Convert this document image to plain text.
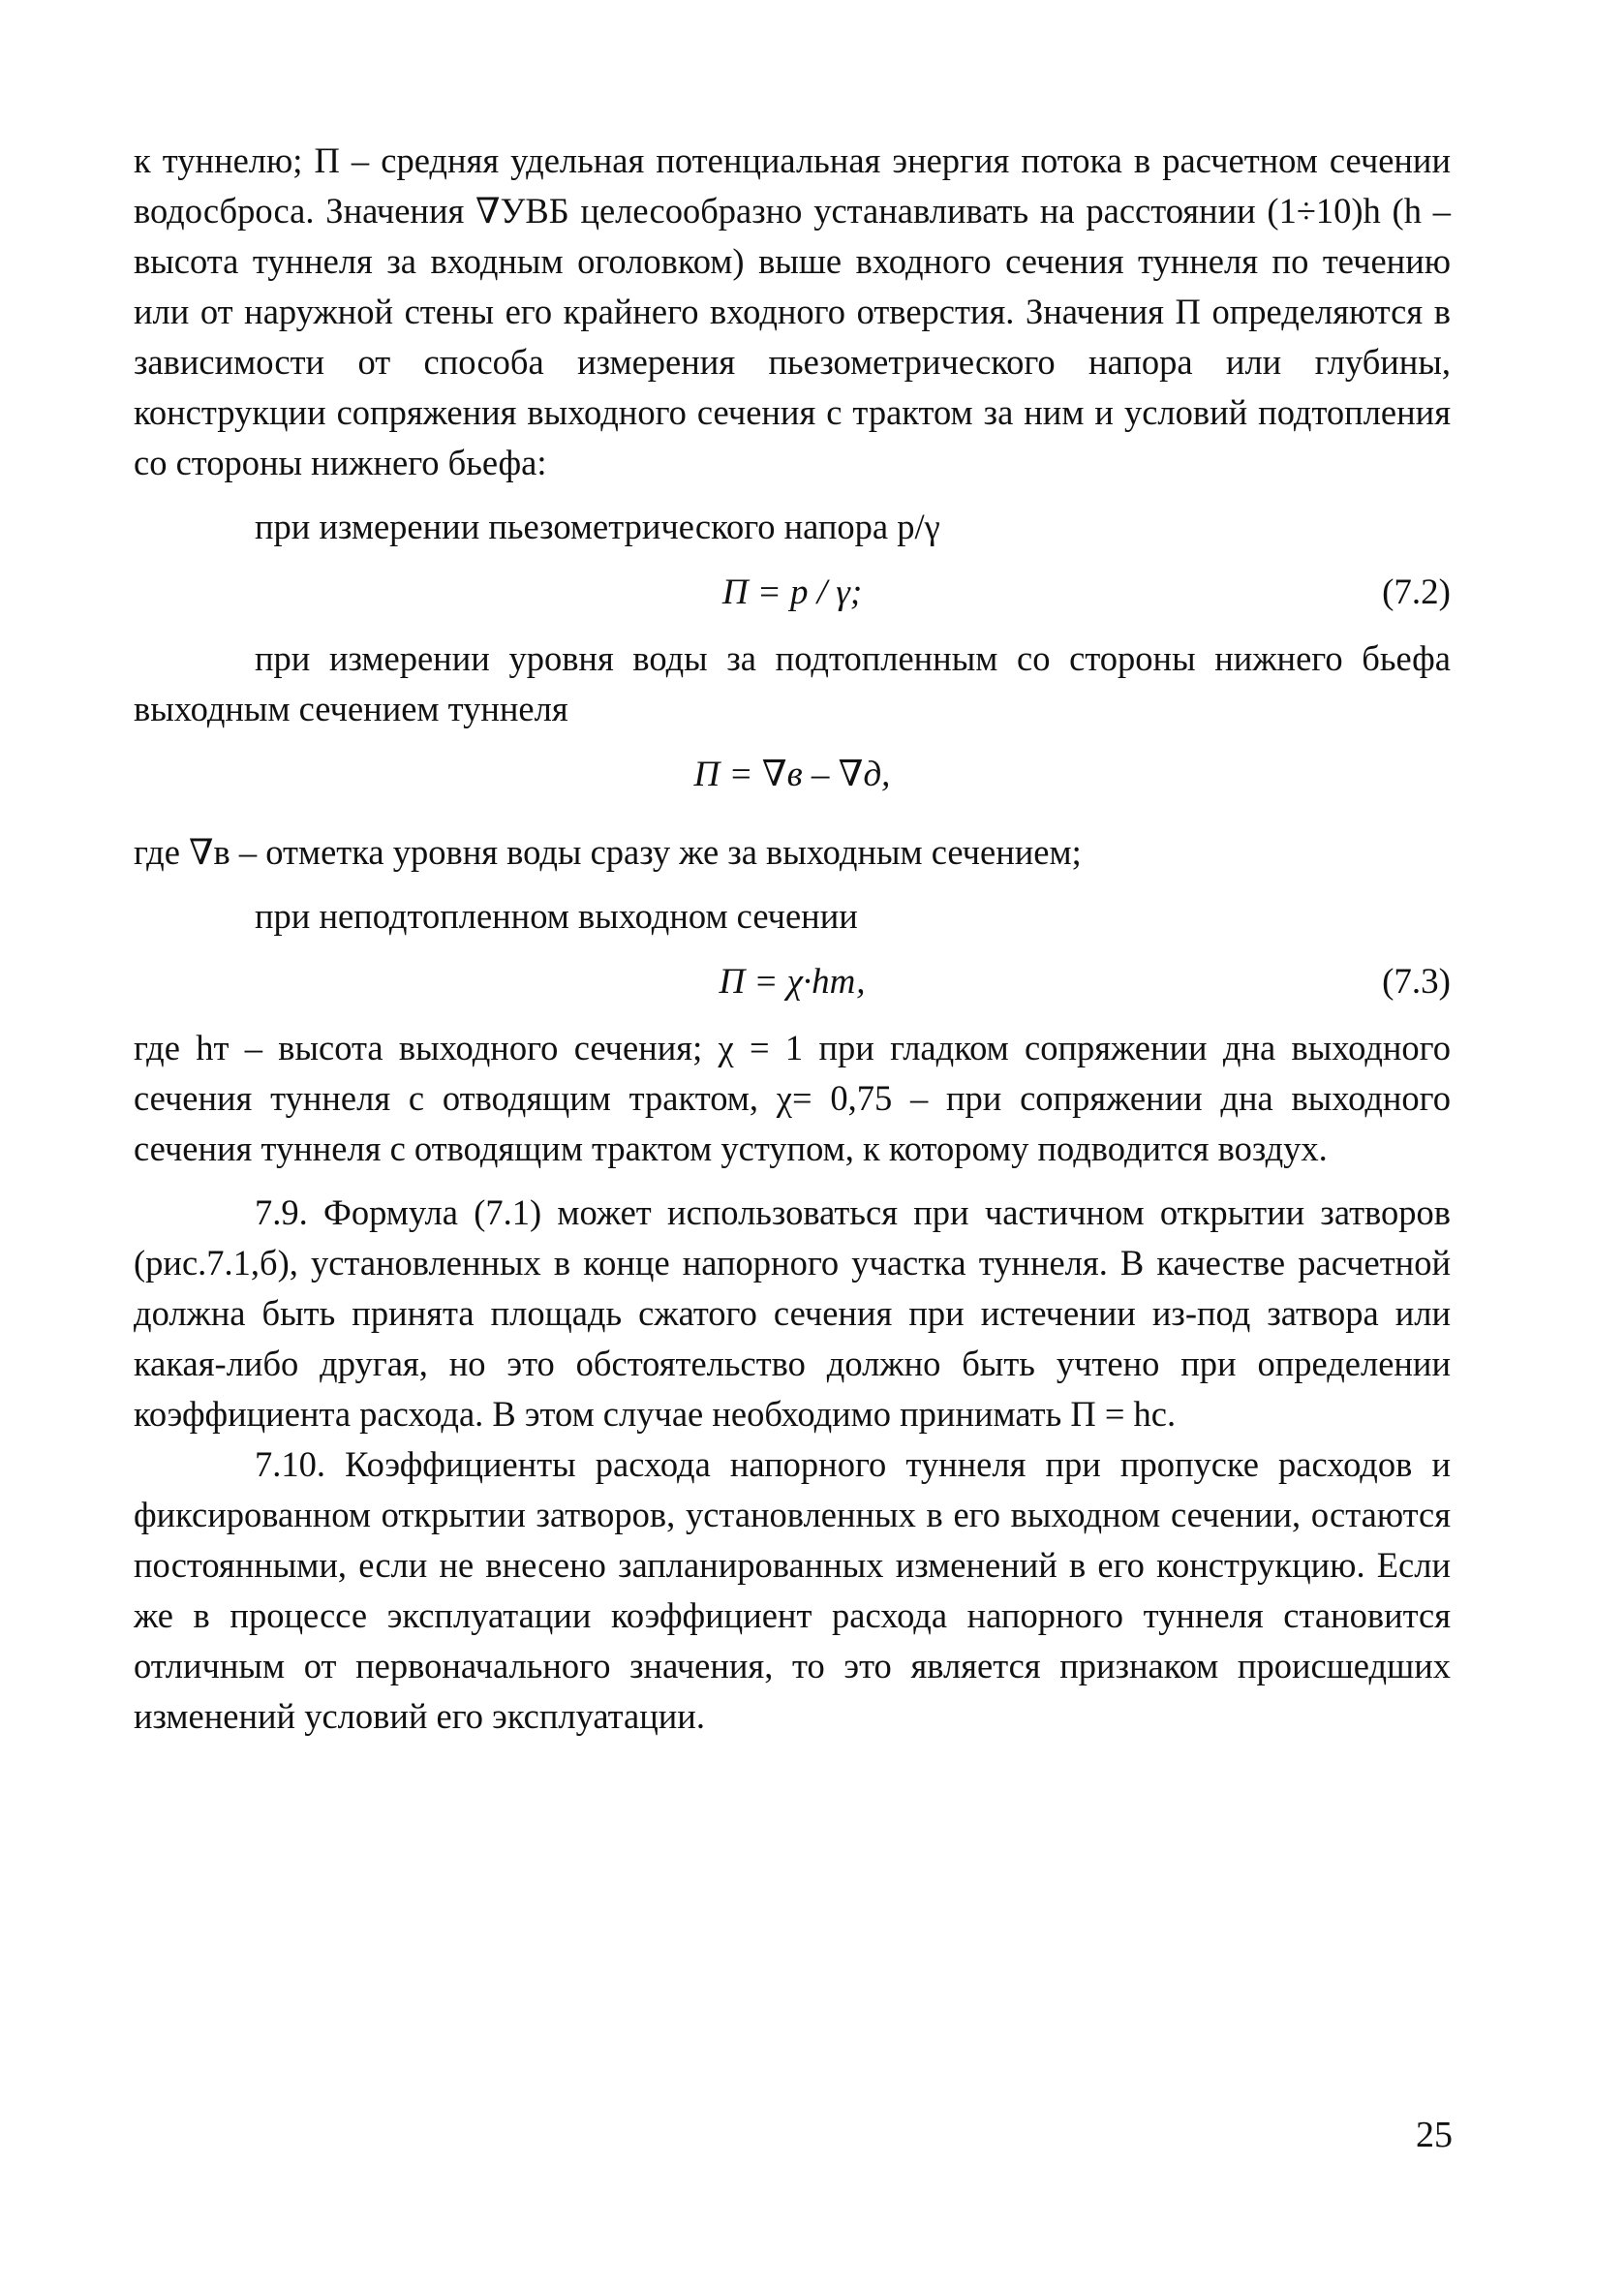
к туннелю; П – средняя удельная потенциальная энергия потока в расчетном сечении водосброса. Значения ∇УВБ целесообразно устанавливать на расстоянии (1÷10)h (h – высота туннеля за входным оголовком) выше входного сечения туннеля по течению или от наружной стены его крайнего входного отверстия. Значения П определяются в зависимости от способа измерения пьезометрического напора или глубины, конструкции сопряжения выходного сечения с трактом за ним и условий подтопления со стороны нижнего бьефа:

при измерении пьезометрического напора p/γ

П = p / γ;	(7.2)

при измерении уровня воды за подтопленным со стороны нижнего бьефа выходным сечением туннеля

П = ∇в – ∇д,

где ∇в – отметка уровня воды сразу же за выходным сечением;

при неподтопленном выходном сечении

П = χ·hт,	(7.3)

где hт – высота выходного сечения; χ = 1 при гладком сопряжении дна выходного сечения туннеля с отводящим трактом, χ= 0,75 – при сопряжении дна выходного сечения туннеля с отводящим трактом уступом, к которому подводится воздух.

7.9. Формула (7.1) может использоваться при частичном открытии затворов (рис.7.1,б), установленных в конце напорного участка туннеля. В качестве расчетной должна быть принята площадь сжатого сечения при истечении из-под затвора или какая-либо другая, но это обстоятельство должно быть учтено при определении коэффициента расхода. В этом случае необходимо принимать П = hс.

7.10. Коэффициенты расхода напорного туннеля при пропуске расходов и фиксированном открытии затворов, установленных в его выходном сечении, остаются постоянными, если не внесено запланированных изменений в его конструкцию. Если же в процессе эксплуатации коэффициент расхода напорного туннеля становится отличным от первоначального значения, то это является признаком происшедших изменений условий его эксплуатации.

25
